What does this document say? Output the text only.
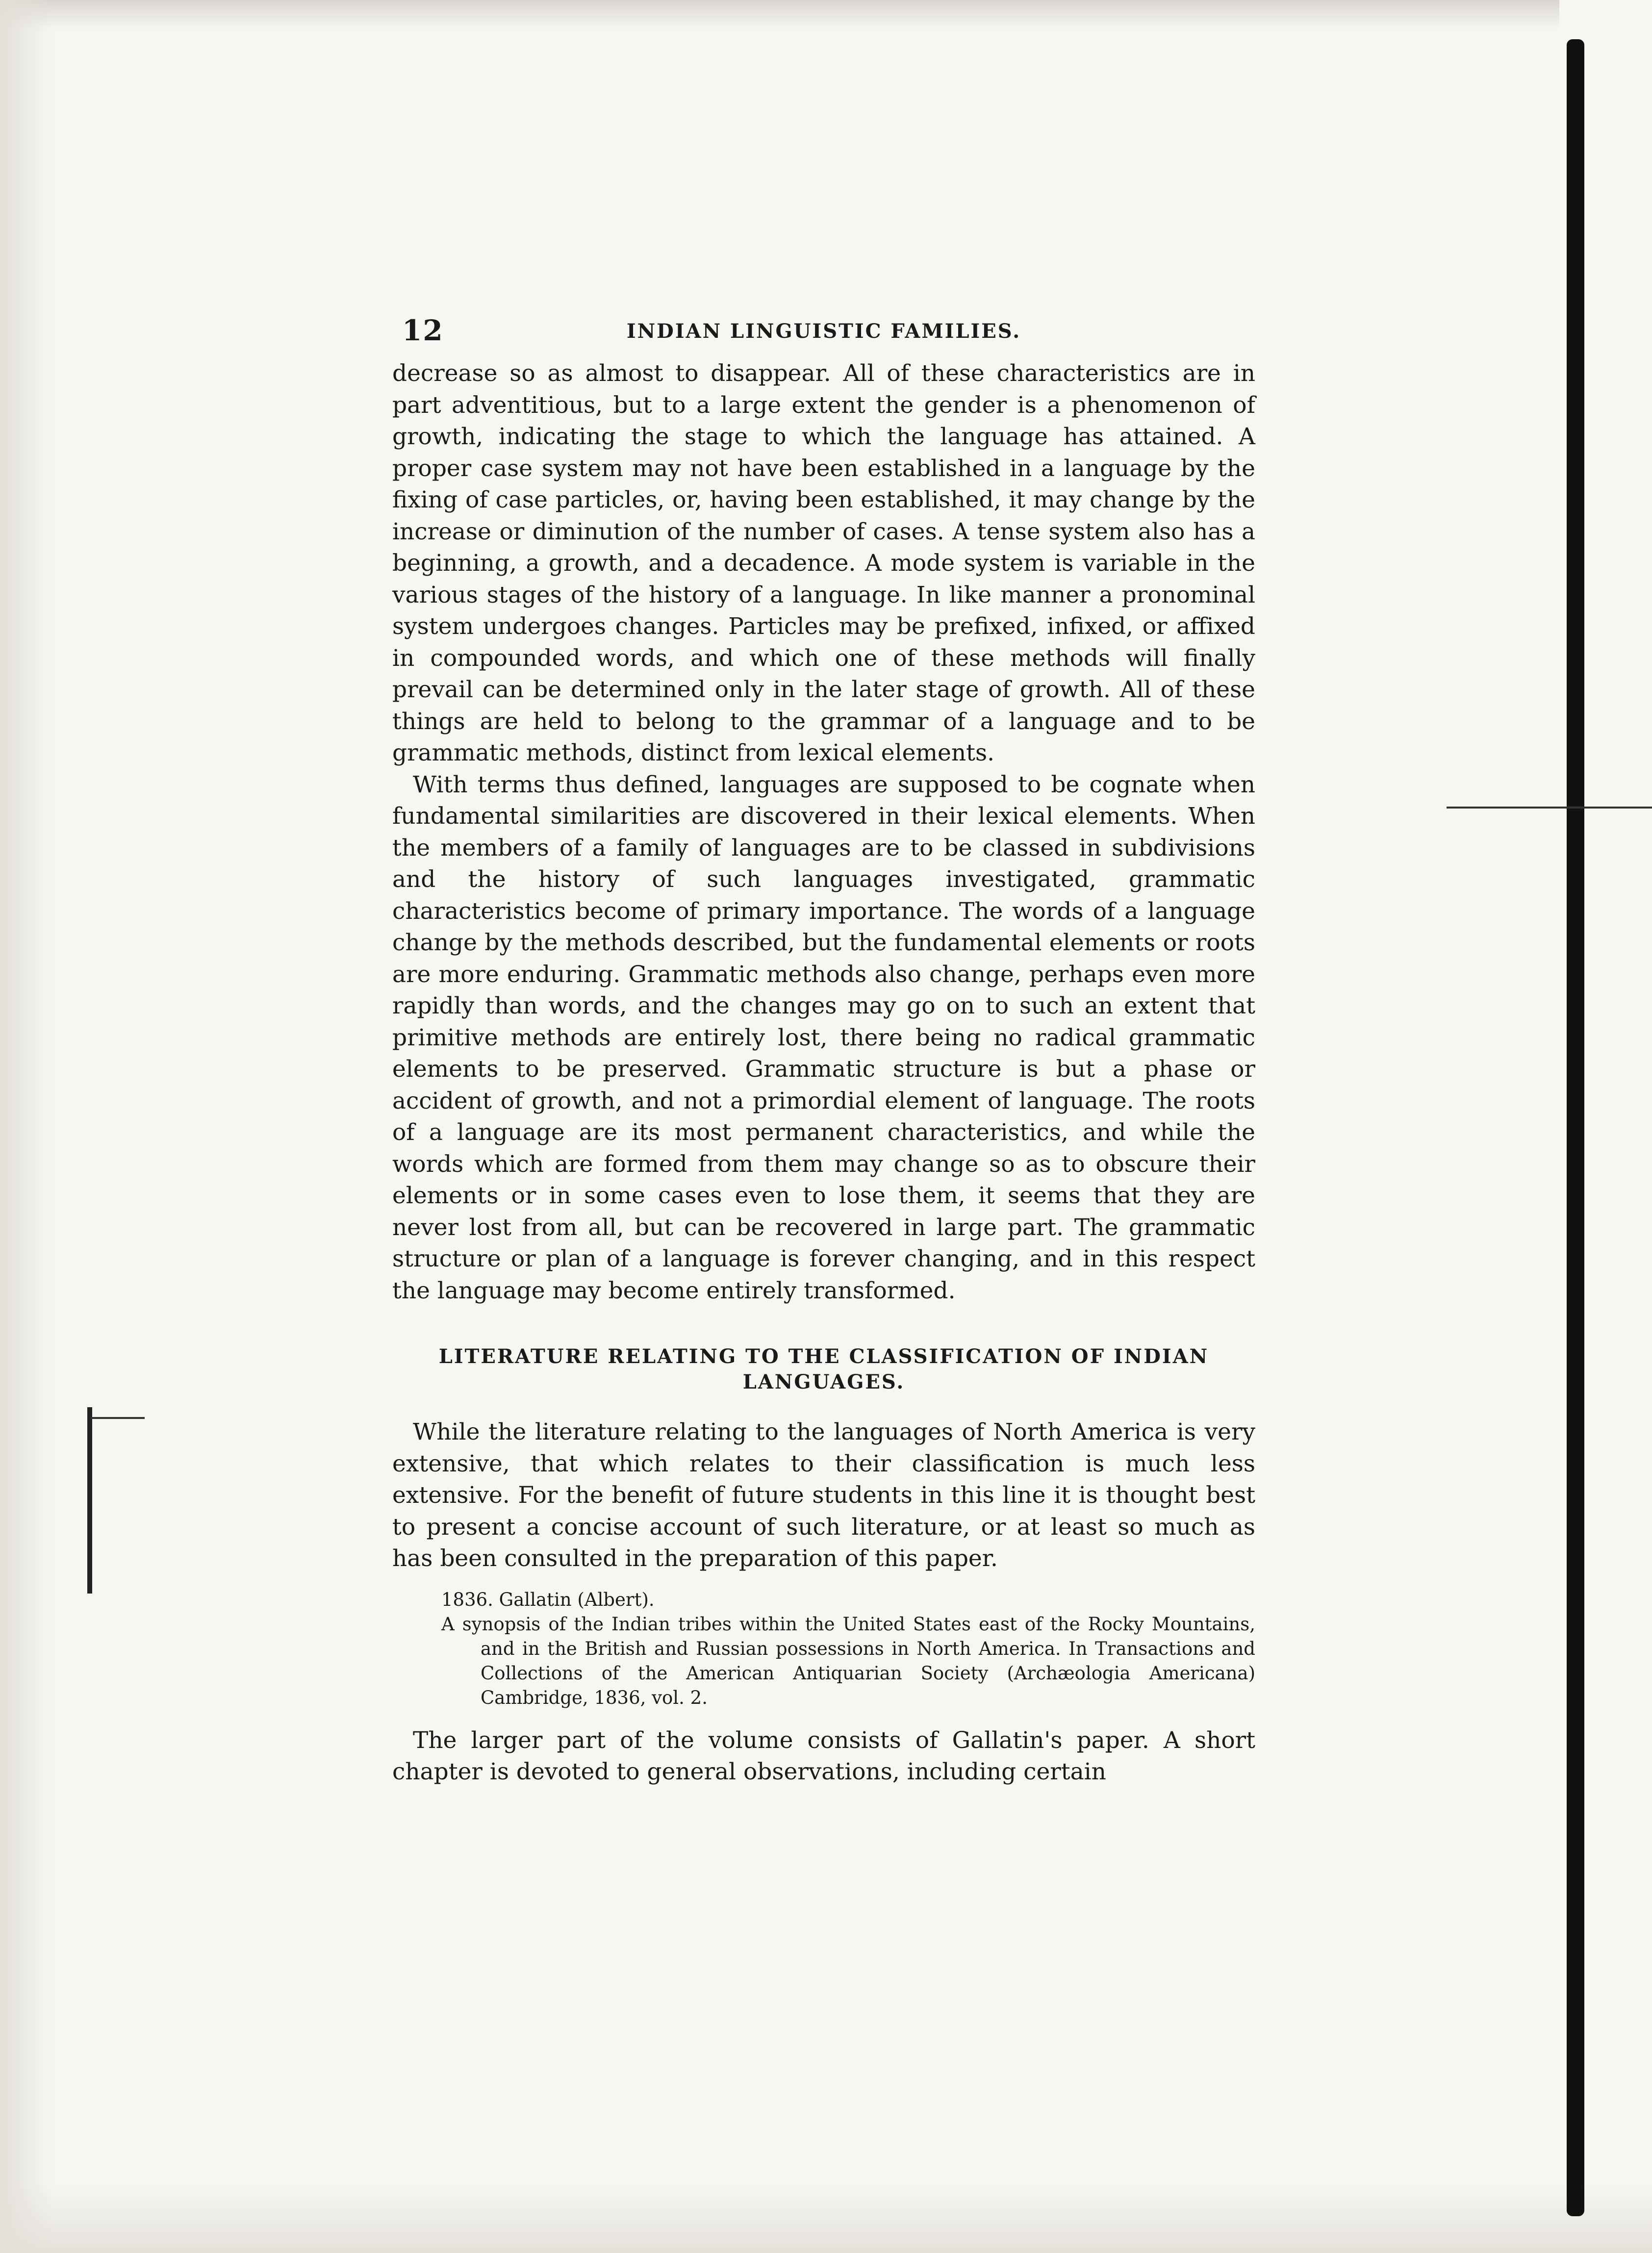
12	INDIAN LINGUISTIC FAMILIES.

decrease so as almost to disappear. All of these characteristics are in part adventitious, but to a large extent the gender is a phenomenon of growth, indicating the stage to which the language has attained. A proper case system may not have been established in a language by the fixing of case particles, or, having been established, it may change by the increase or diminution of the number of cases. A tense system also has a beginning, a growth, and a decadence. A mode system is variable in the various stages of the history of a language. In like manner a pronominal system undergoes changes. Particles may be prefixed, infixed, or affixed in compounded words, and which one of these methods will finally prevail can be determined only in the later stage of growth. All of these things are held to belong to the grammar of a language and to be grammatic methods, distinct from lexical elements.

With terms thus defined, languages are supposed to be cognate when fundamental similarities are discovered in their lexical elements. When the members of a family of languages are to be classed in subdivisions and the history of such languages investigated, grammatic characteristics become of primary importance. The words of a language change by the methods described, but the fundamental elements or roots are more enduring. Grammatic methods also change, perhaps even more rapidly than words, and the changes may go on to such an extent that primitive methods are entirely lost, there being no radical grammatic elements to be preserved. Grammatic structure is but a phase or accident of growth, and not a primordial element of language. The roots of a language are its most permanent characteristics, and while the words which are formed from them may change so as to obscure their elements or in some cases even to lose them, it seems that they are never lost from all, but can be recovered in large part. The grammatic structure or plan of a language is forever changing, and in this respect the language may become entirely transformed.

LITERATURE RELATING TO THE CLASSIFICATION OF INDIAN LANGUAGES.

While the literature relating to the languages of North America is very extensive, that which relates to their classification is much less extensive. For the benefit of future students in this line it is thought best to present a concise account of such literature, or at least so much as has been consulted in the preparation of this paper.

1836. Gallatin (Albert).
A synopsis of the Indian tribes within the United States east of the Rocky Mountains, and in the British and Russian possessions in North America. In Transactions and Collections of the American Antiquarian Society (Archæologia Americana) Cambridge, 1836, vol. 2.

The larger part of the volume consists of Gallatin's paper. A short chapter is devoted to general observations, including certain
